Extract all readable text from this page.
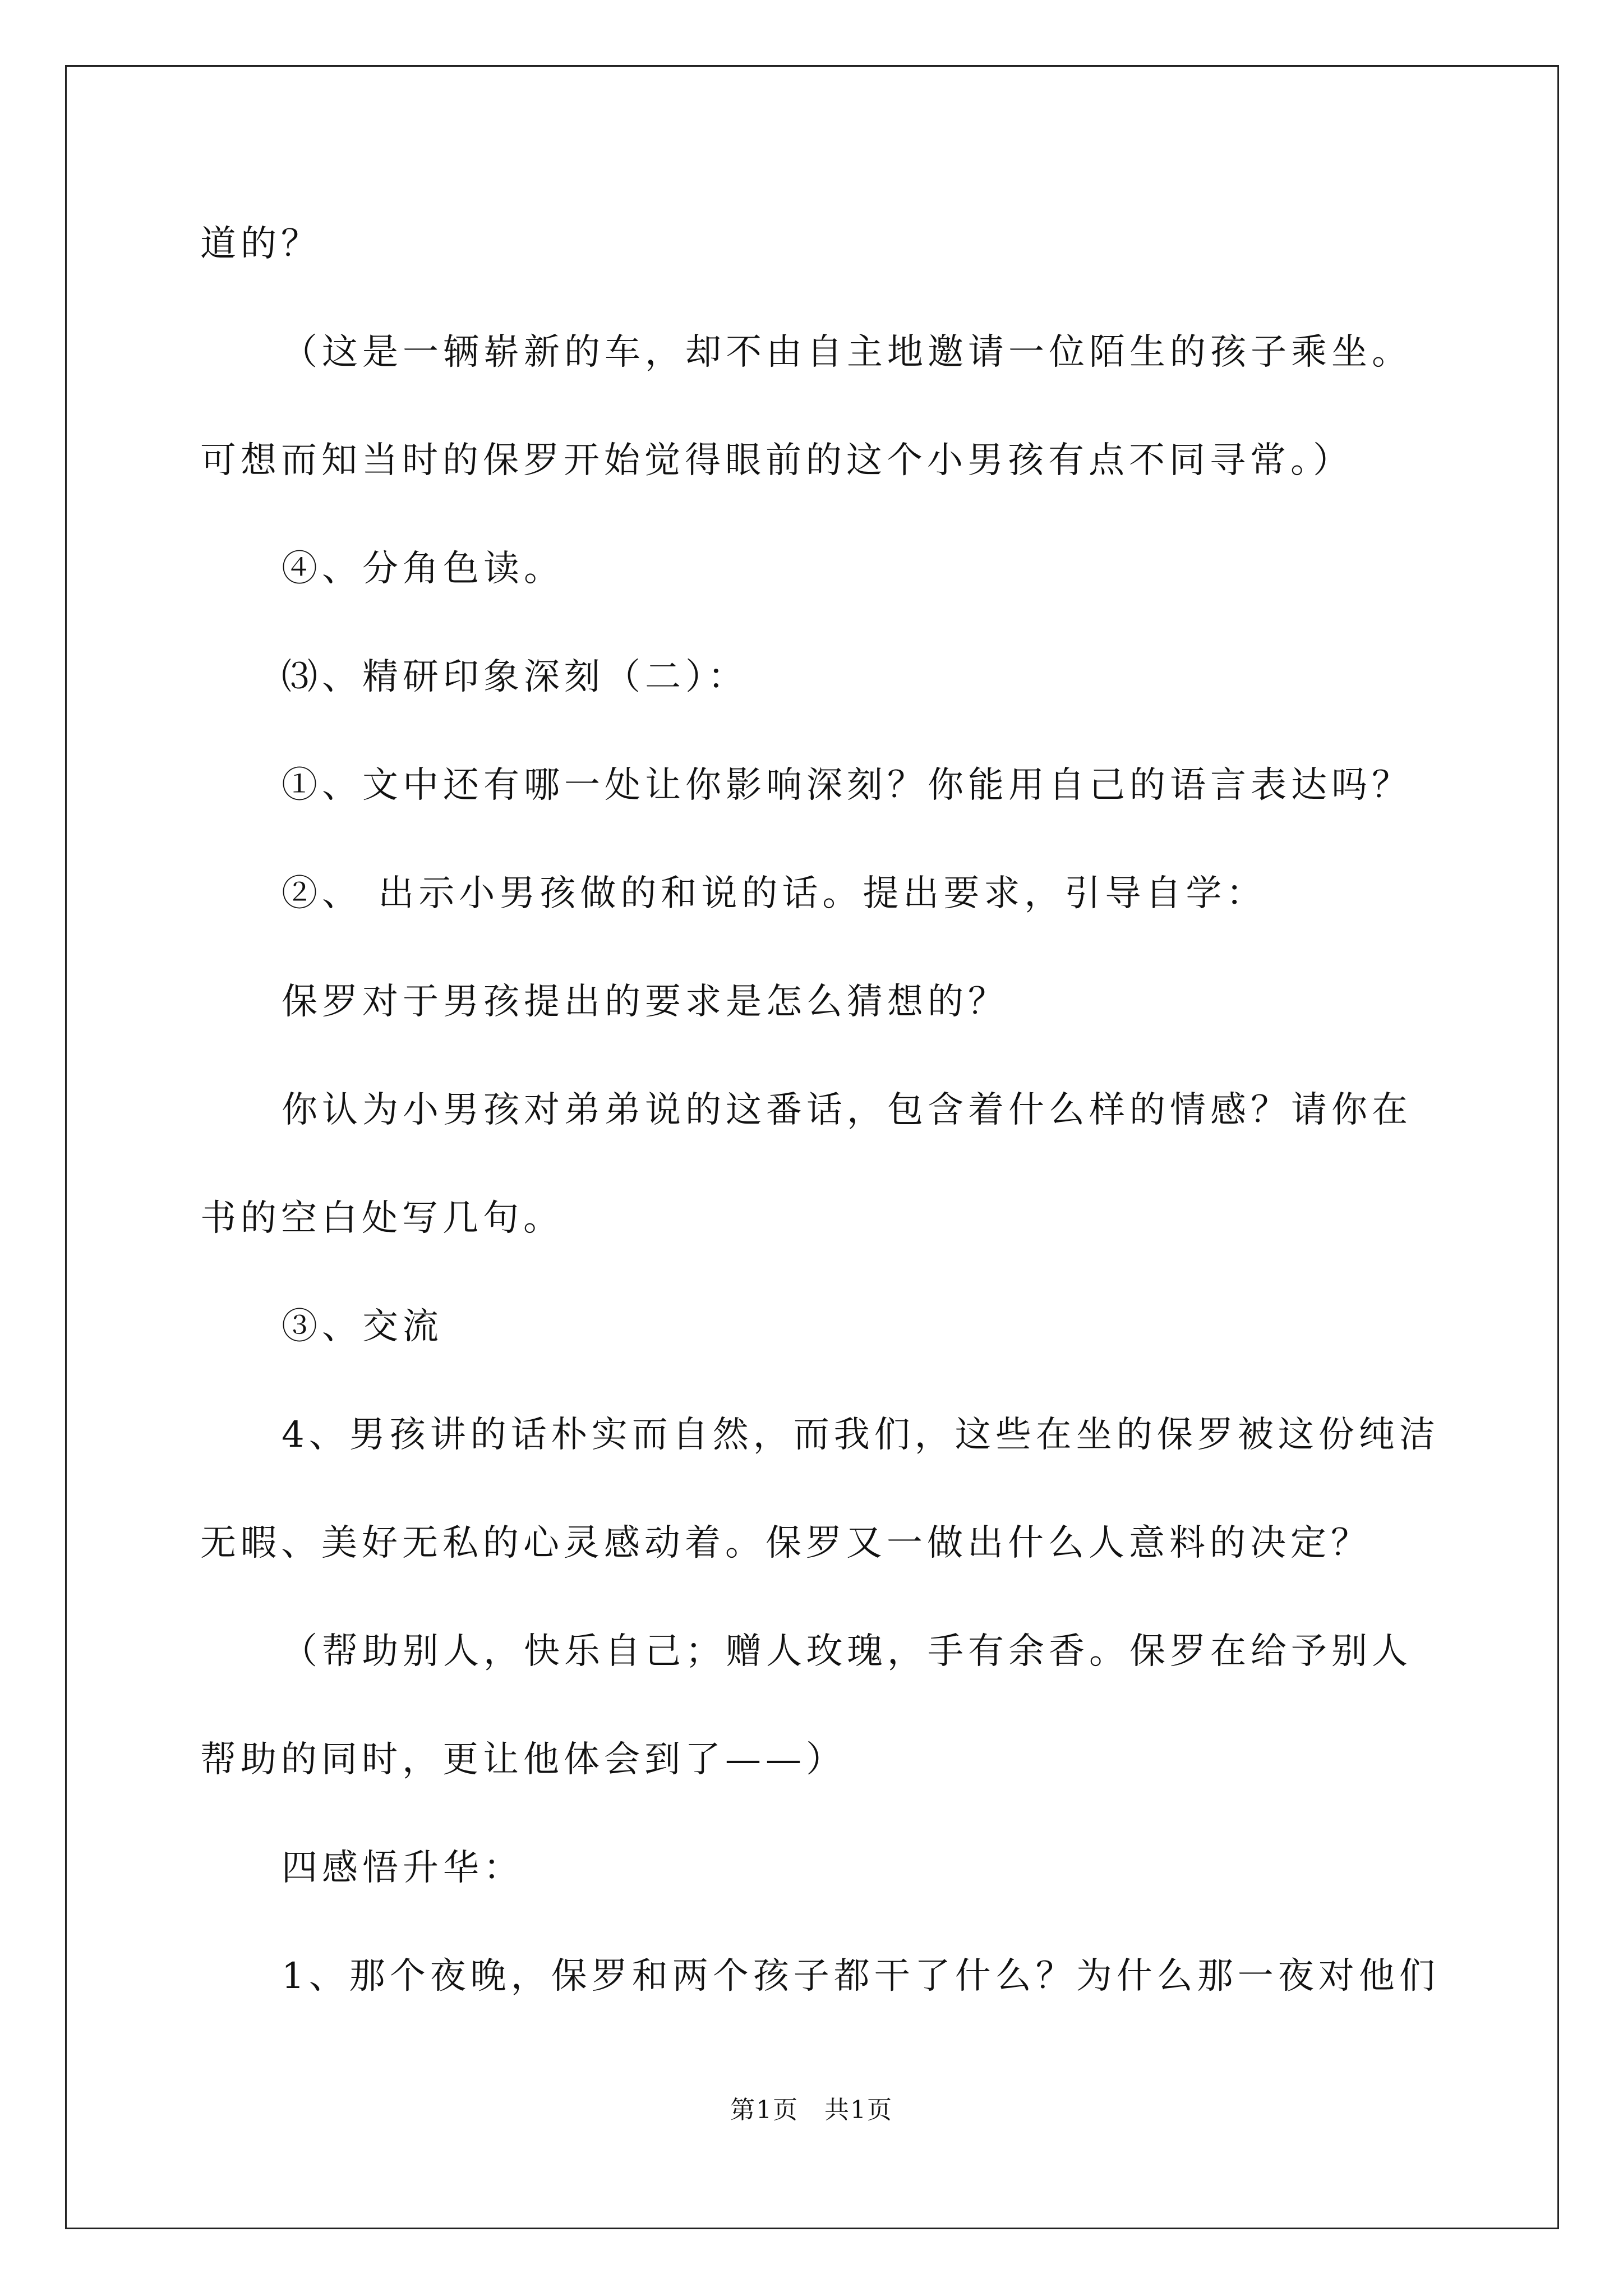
道的？
（这是一辆崭新的车，却不由自主地邀请一位陌生的孩子乘坐。
可想而知当时的保罗开始觉得眼前的这个小男孩有点不同寻常。）
④、分角色读。
⑶、精研印象深刻（二）：
①、文中还有哪一处让你影响深刻？你能用自己的语言表达吗？
②、 出示小男孩做的和说的话。提出要求，引导自学：
保罗对于男孩提出的要求是怎么猜想的？
你认为小男孩对弟弟说的这番话，包含着什么样的情感？请你在
书的空白处写几句。
③、交流
4、男孩讲的话朴实而自然，而我们，这些在坐的保罗被这份纯洁
无暇、美好无私的心灵感动着。保罗又一做出什么人意料的决定？
（帮助别人，快乐自己；赠人玫瑰，手有余香。保罗在给予别人
帮助的同时，更让他体会到了——）
四感悟升华：
1、那个夜晚，保罗和两个孩子都干了什么？为什么那一夜对他们
第1页　共1页
